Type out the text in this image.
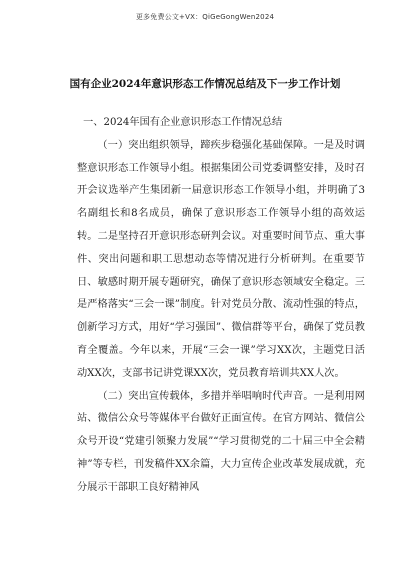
更多免费公文+VX：QiGeGongWen2024
国有企业2024年意识形态工作情况总结及下一步工作计划

一、2024年国有企业意识形态工作情况总结

（一）突出组织领导，蹄疾步稳强化基础保障。一是及时调整意识形态工作领导小组。根据集团公司党委调整安排，及时召开会议选举产生集团新一届意识形态工作领导小组，并明确了3名副组长和8名成员，确保了意识形态工作领导小组的高效运转。二是坚持召开意识形态研判会议。对重要时间节点、重大事件、突出问题和职工思想动态等情况进行分析研判。在重要节日、敏感时期开展专题研究，确保了意识形态领域安全稳定。三是严格落实“三会一课”制度。针对党员分散、流动性强的特点，创新学习方式，用好“学习强国”、微信群等平台，确保了党员教育全覆盖。今年以来，开展“三会一课”学习XX次，主题党日活动XX次，支部书记讲党课XX次，党员教育培训共XX人次。

（二）突出宣传载体，多措并举唱响时代声音。一是利用网站、微信公众号等媒体平台做好正面宣传。在官方网站、微信公众号开设“党建引领聚力发展”“学习贯彻党的二十届三中全会精神”等专栏，刊发稿件XX余篇，大力宣传企业改革发展成就，充分展示干部职工良好精神风
